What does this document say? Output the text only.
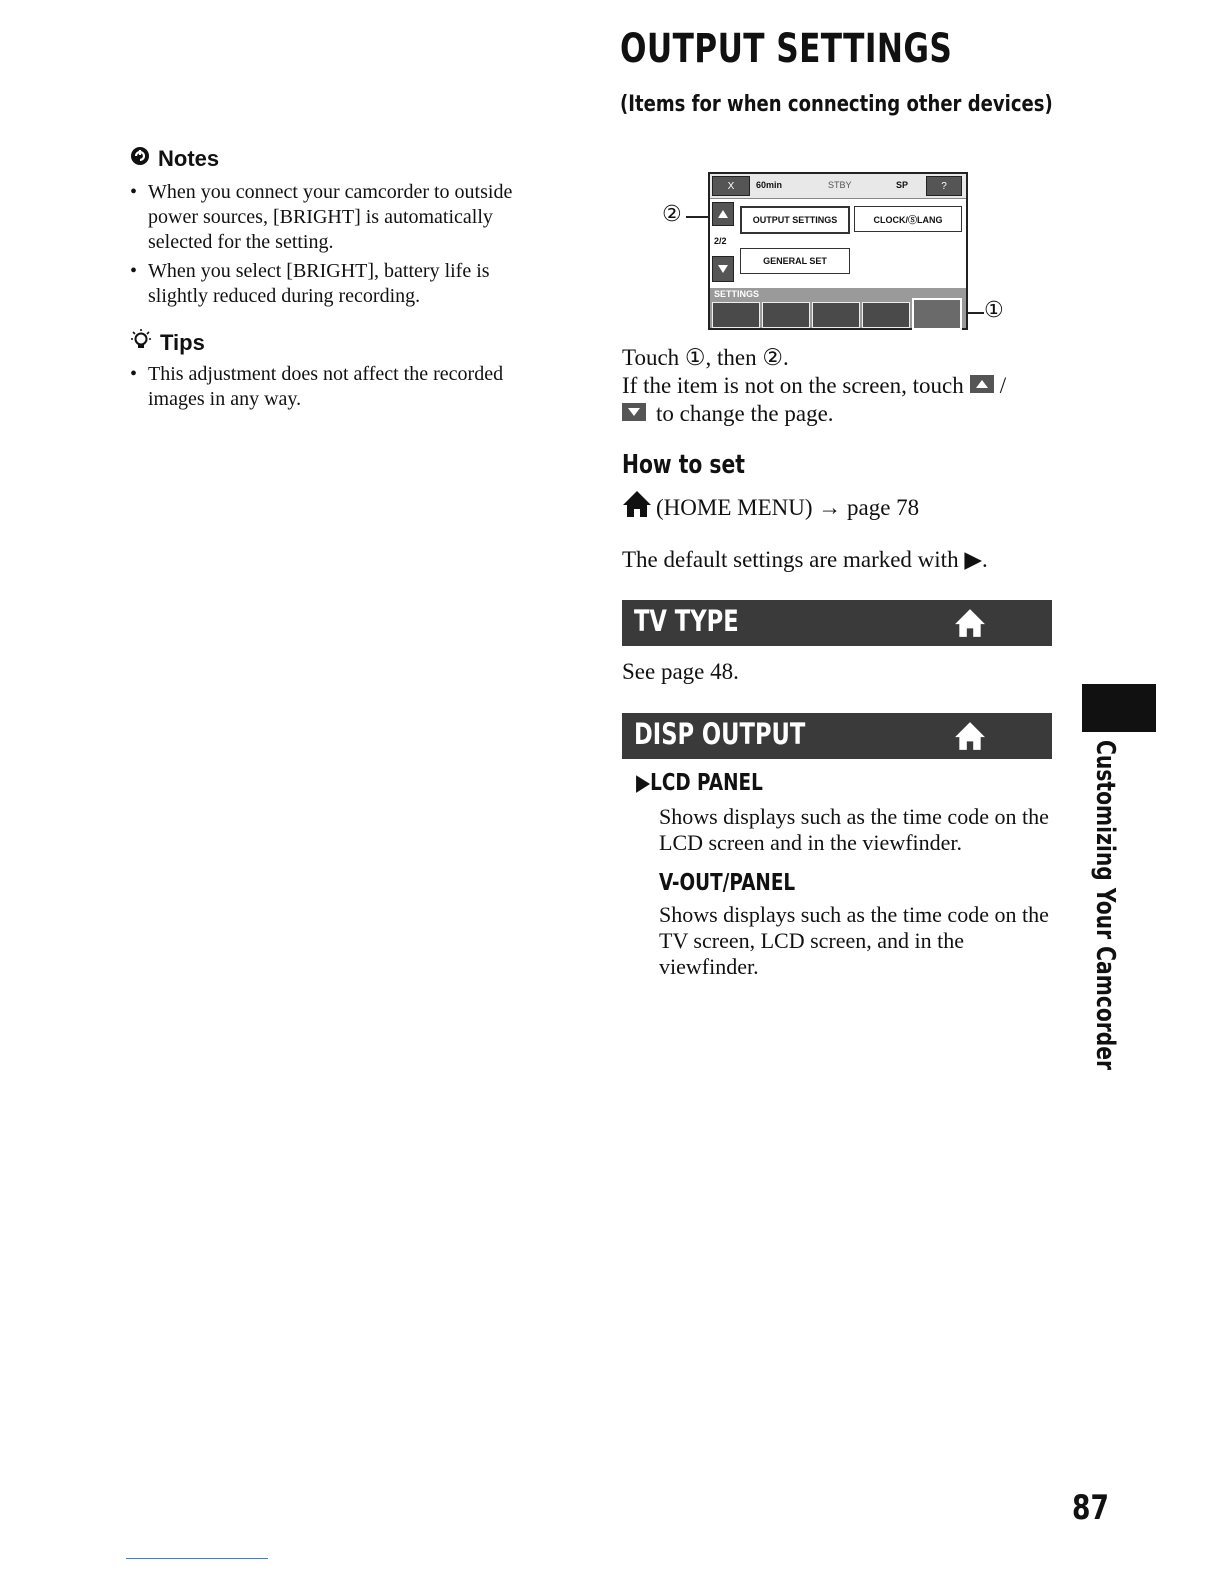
OUTPUT SETTINGS
(Items for when connecting other devices)
Notes
• When you connect your camcorder to outside power sources, [BRIGHT] is automatically selected for the setting.
• When you select [BRIGHT], battery life is slightly reduced during recording.
Tips
• This adjustment does not affect the recorded images in any way.
X	60min	STBY	SP	?
OUTPUT SETTINGS	CLOCK/ⓈLANG
2/2
GENERAL SET
SETTINGS
②
①
Touch ①, then ②.
If the item is not on the screen, touch /
to change the page.
How to set
(HOME MENU) → page 78
The default settings are marked with ▶.
TV TYPE
See page 48.
DISP OUTPUT
▶LCD PANEL
Shows displays such as the time code on the LCD screen and in the viewfinder.
V-OUT/PANEL
Shows displays such as the time code on the TV screen, LCD screen, and in the viewfinder.	Customizing Your Camcorder
87
